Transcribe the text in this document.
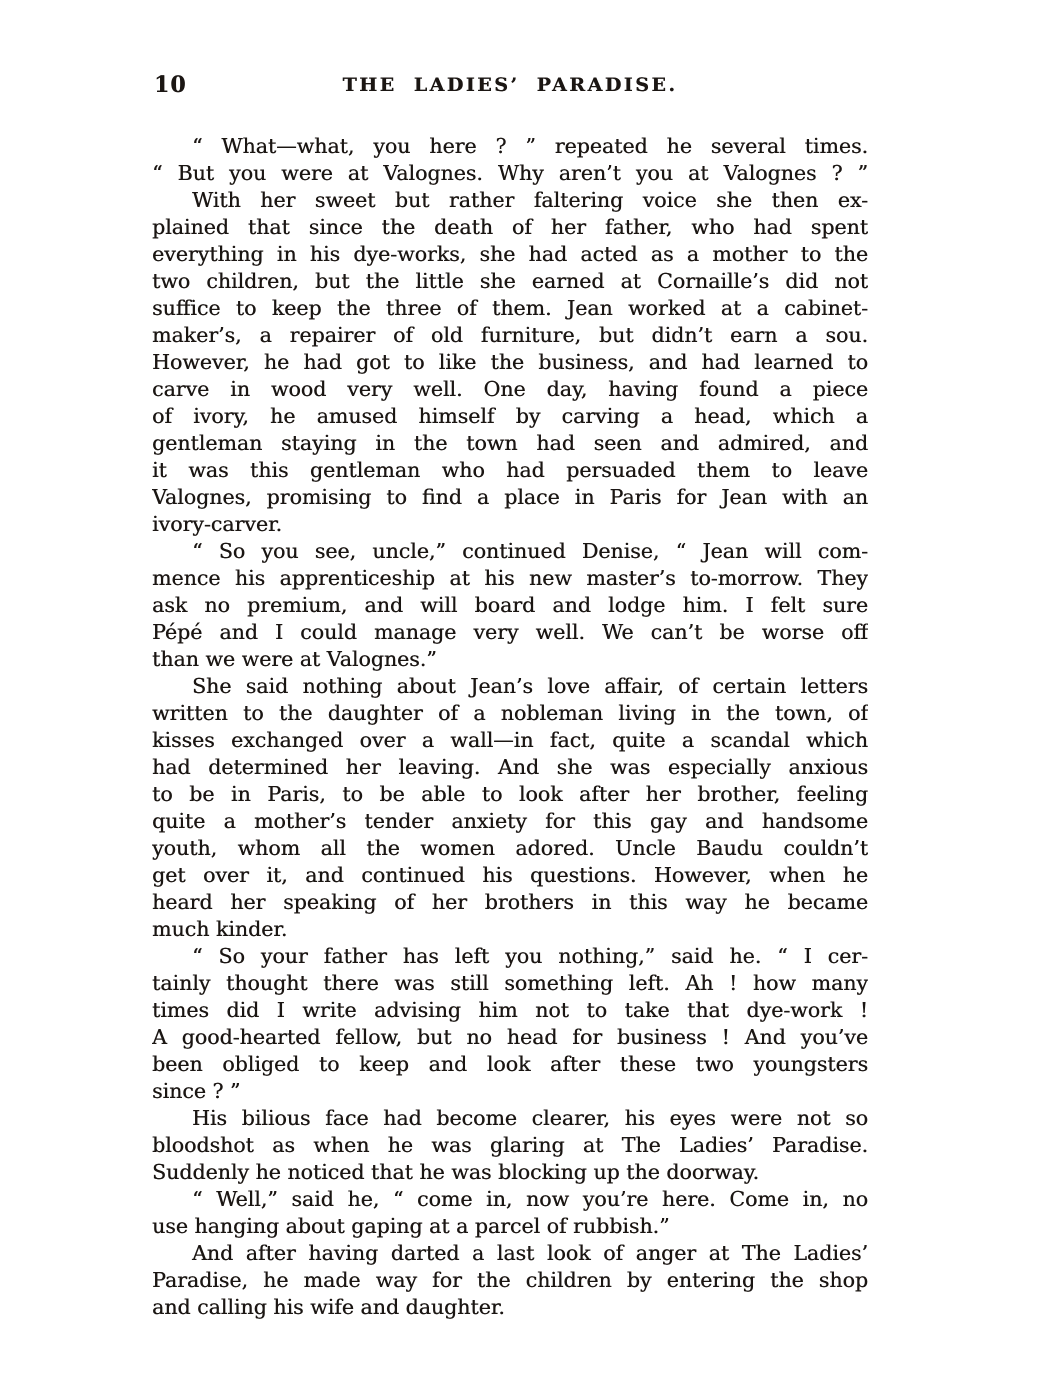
10	THE LADIES’ PARADISE.
“ What—what, you here ? ” repeated he several times.
“ But you were at Valognes. Why aren’t you at Valognes ? ”
With her sweet but rather faltering voice she then ex-
plained that since the death of her father, who had spent
everything in his dye-works, she had acted as a mother to the
two children, but the little she earned at Cornaille’s did not
suffice to keep the three of them. Jean worked at a cabinet-
maker’s, a repairer of old furniture, but didn’t earn a sou.
However, he had got to like the business, and had learned to
carve in wood very well. One day, having found a piece
of ivory, he amused himself by carving a head, which a
gentleman staying in the town had seen and admired, and
it was this gentleman who had persuaded them to leave
Valognes, promising to find a place in Paris for Jean with an
ivory-carver.
“ So you see, uncle,” continued Denise, “ Jean will com-
mence his apprenticeship at his new master’s to-morrow. They
ask no premium, and will board and lodge him. I felt sure
Pépé and I could manage very well. We can’t be worse off
than we were at Valognes.”
She said nothing about Jean’s love affair, of certain letters
written to the daughter of a nobleman living in the town, of
kisses exchanged over a wall—in fact, quite a scandal which
had determined her leaving. And she was especially anxious
to be in Paris, to be able to look after her brother, feeling
quite a mother’s tender anxiety for this gay and handsome
youth, whom all the women adored. Uncle Baudu couldn’t
get over it, and continued his questions. However, when he
heard her speaking of her brothers in this way he became
much kinder.
“ So your father has left you nothing,” said he. “ I cer-
tainly thought there was still something left. Ah ! how many
times did I write advising him not to take that dye-work !
A good-hearted fellow, but no head for business ! And you’ve
been obliged to keep and look after these two youngsters
since ? ”
His bilious face had become clearer, his eyes were not so
bloodshot as when he was glaring at The Ladies’ Paradise.
Suddenly he noticed that he was blocking up the doorway.
“ Well,” said he, “ come in, now you’re here. Come in, no
use hanging about gaping at a parcel of rubbish.”
And after having darted a last look of anger at The Ladies’
Paradise, he made way for the children by entering the shop
and calling his wife and daughter.
